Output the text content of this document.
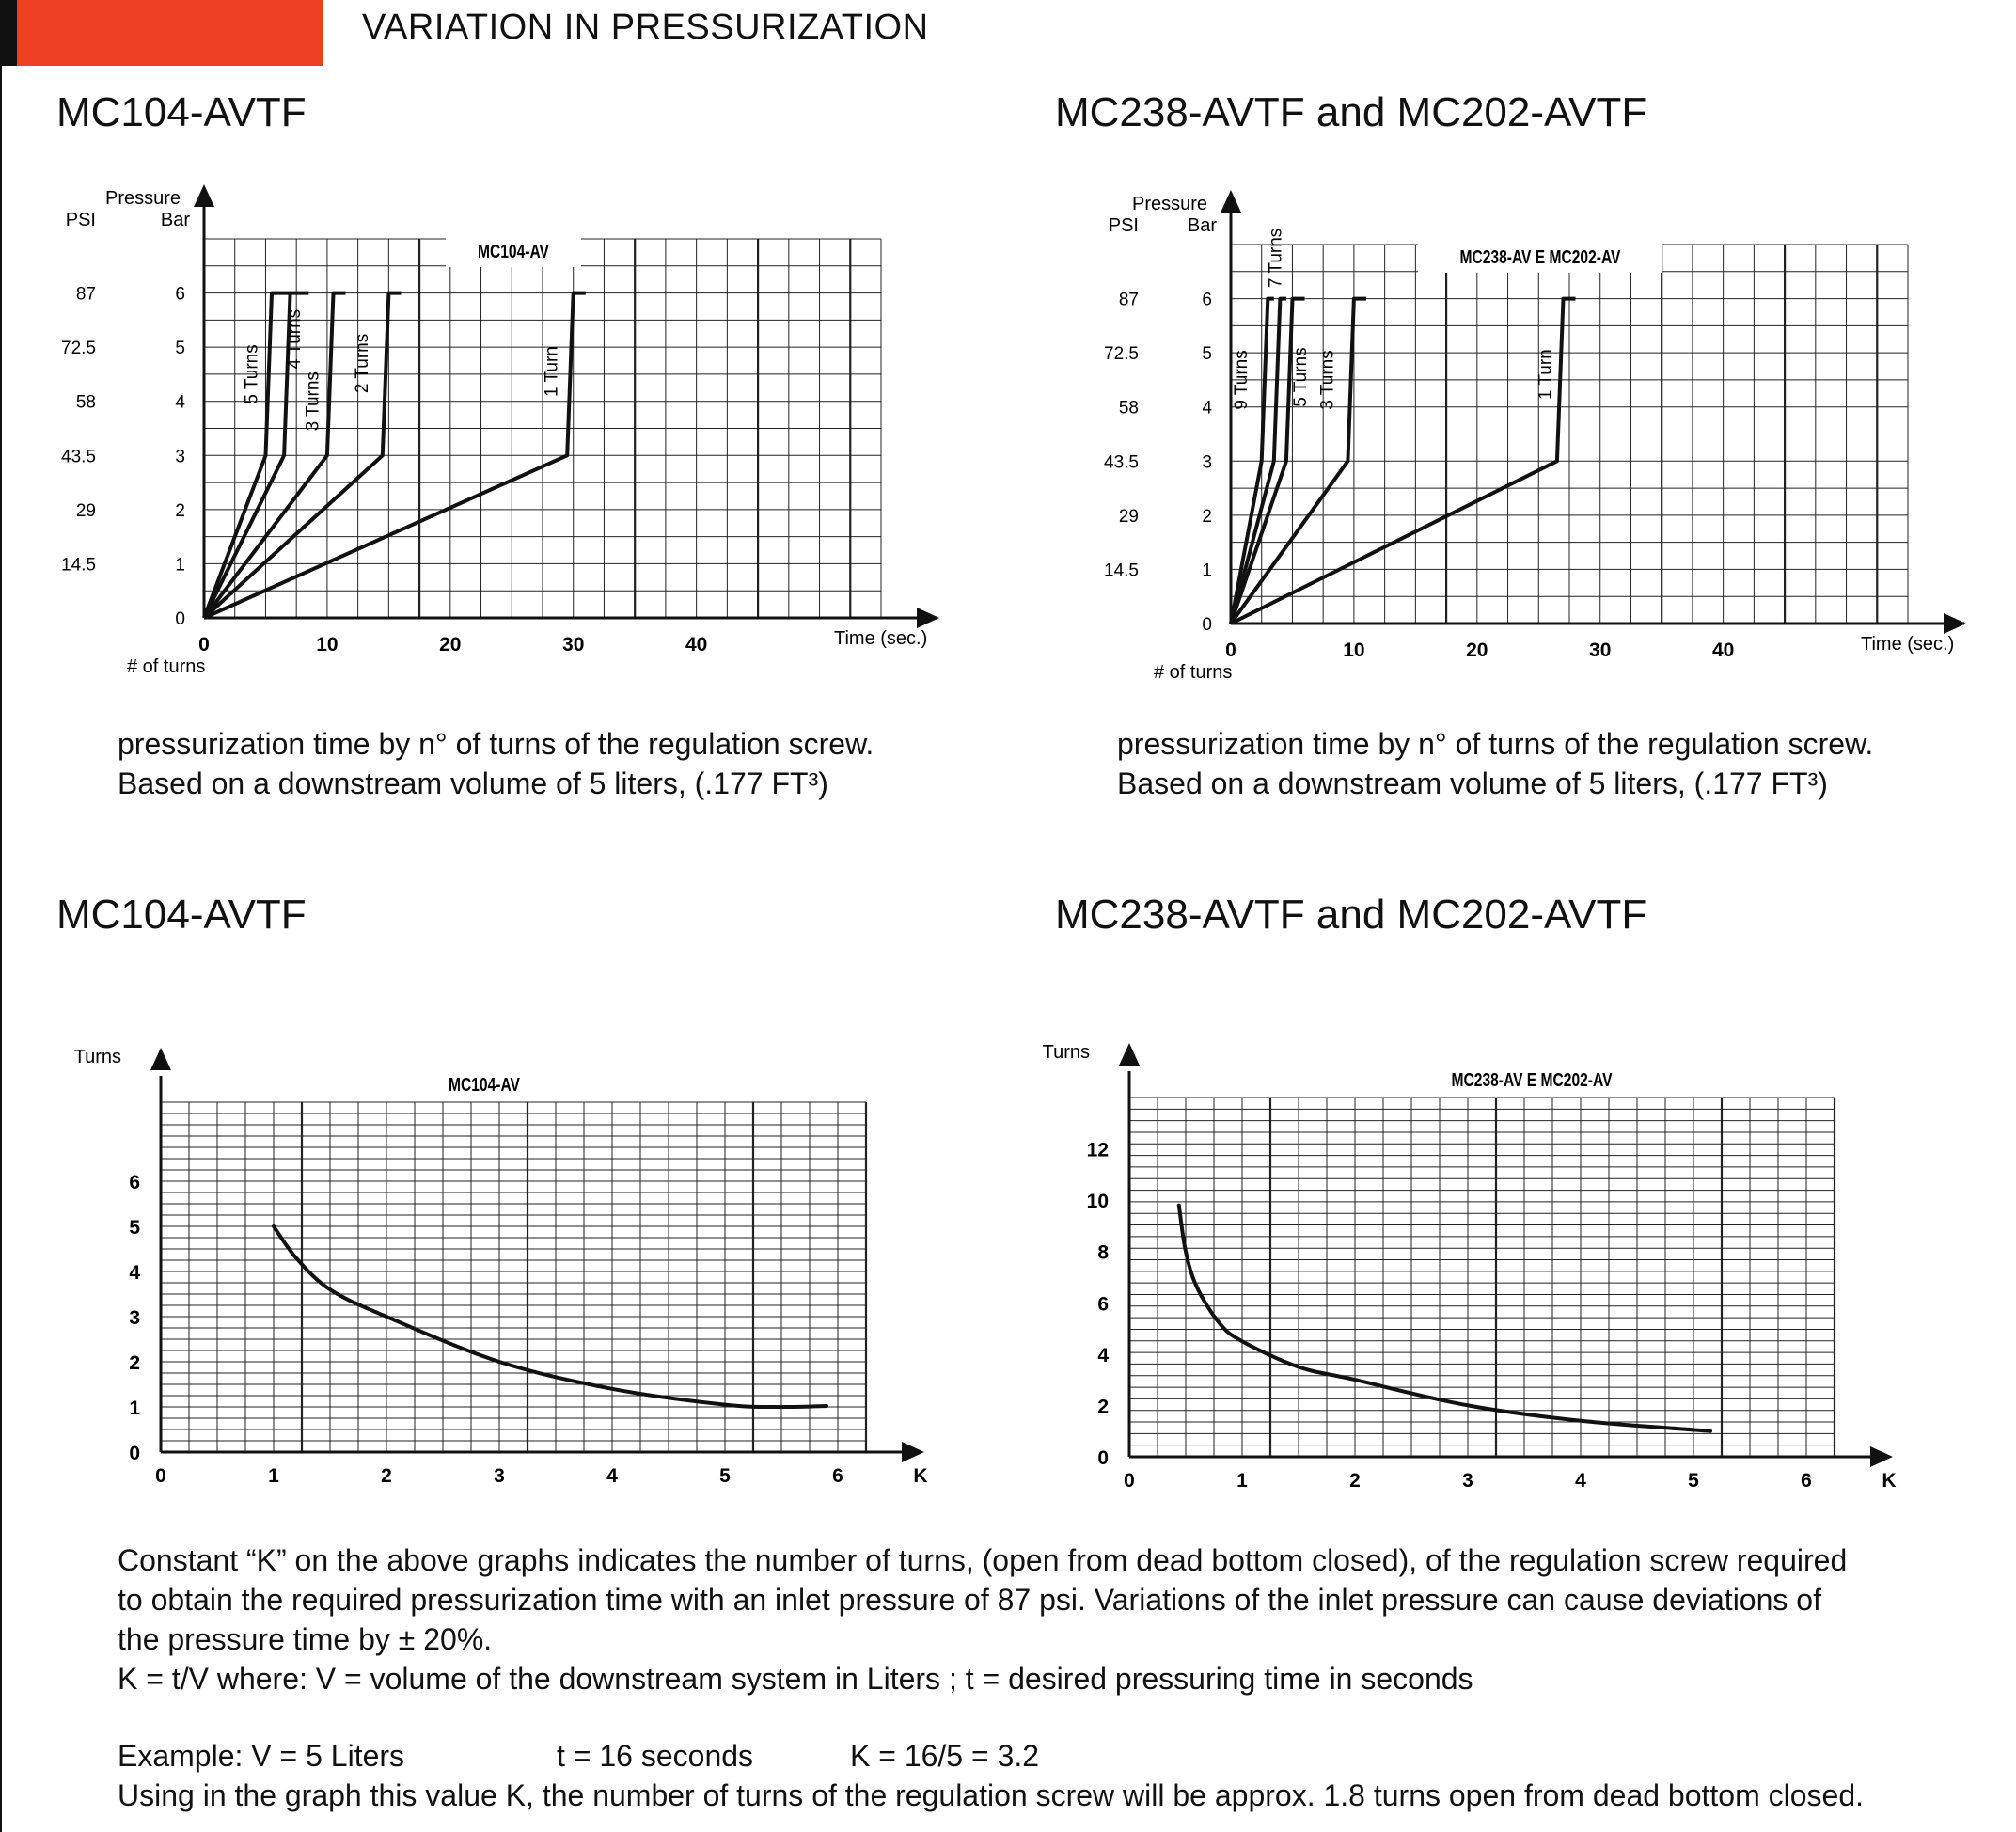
VARIATION IN PRESSURIZATION
MC104-AVTF	MC238-AVTF and MC202-AVTF
MC104-AVTF	MC238-AVTF and MC202-AVTF
MC104-AV
0	10	20	30	40
0
1
2
3
4
5
6
14.5
29
43.5
58
72.5
87
Pressure
PSI	Bar
Time (sec.)
# of turns
5 Turns
4 Turns
3 Turns
2 Turns	1 Turn
MC238-AV E MC202-AV
0	10	20	30	40
0
1
2
3
4
5
6
14.5
29
43.5
58
72.5
87
Pressure
PSI	Bar
Time (sec.)
# of turns
9 Turns
7 Turns
5 Turns 3 Turns	1 Turn
MC104-AV
0	1	2	3	4	5	6
0
1
2
3
4
5
6
K
Turns
MC238-AV E MC202-AV
0	1	2	3	4	5	6
0
2
4
6
8
10
12
K
Turns
pressurization time by n° of turns of the regulation screw.
Based on a downstream volume of 5 liters, (.177 FT³)
pressurization time by n° of turns of the regulation screw.
Based on a downstream volume of 5 liters, (.177 FT³)
Constant “K” on the above graphs indicates the number of turns, (open from dead bottom closed), of the regulation screw required
to obtain the required pressurization time with an inlet pressure of 87 psi. Variations of the inlet pressure can cause deviations of
the pressure time by ± 20%.
K = t/V where: V = volume of the downstream system in Liters ; t = desired pressuring time in seconds
Example: V = 5 Liters	t = 16 seconds	K = 16/5 = 3.2
Using in the graph this value K, the number of turns of the regulation screw will be approx. 1.8 turns open from dead bottom closed.
